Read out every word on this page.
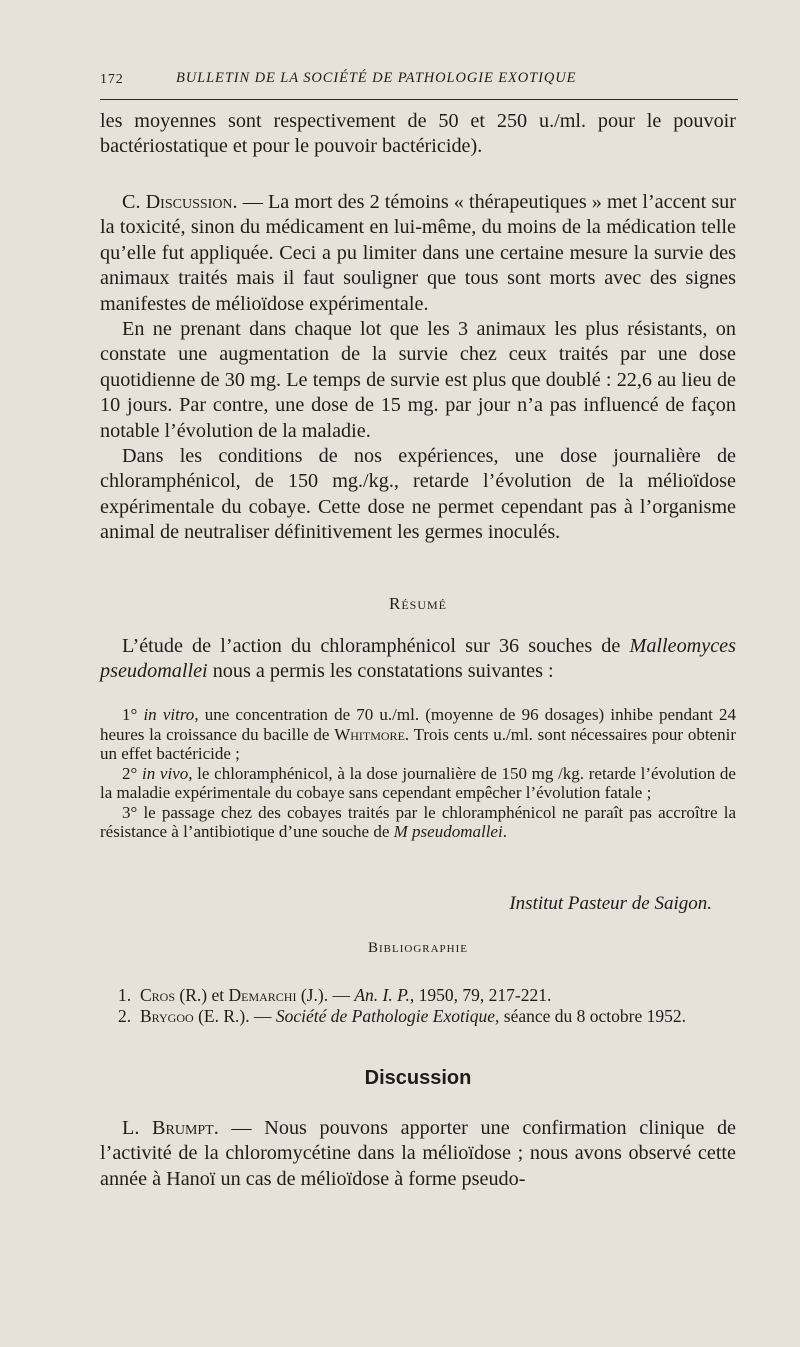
172	BULLETIN DE LA SOCIÉTÉ DE PATHOLOGIE EXOTIQUE

les moyennes sont respectivement de 50 et 250 u./ml. pour le pouvoir bactériostatique et pour le pouvoir bactéricide).

C. Discussion. — La mort des 2 témoins « thérapeutiques » met l’accent sur la toxicité, sinon du médicament en lui-même, du moins de la médication telle qu’elle fut appliquée. Ceci a pu limiter dans une certaine mesure la survie des animaux traités mais il faut souligner que tous sont morts avec des signes manifestes de mélioïdose expérimentale.

En ne prenant dans chaque lot que les 3 animaux les plus résistants, on constate une augmentation de la survie chez ceux traités par une dose quotidienne de 30 mg. Le temps de survie est plus que doublé : 22,6 au lieu de 10 jours. Par contre, une dose de 15 mg. par jour n’a pas influencé de façon notable l’évolution de la maladie.

Dans les conditions de nos expériences, une dose journalière de chloramphénicol, de 150 mg./kg., retarde l’évolution de la mélioïdose expérimentale du cobaye. Cette dose ne permet cependant pas à l’organisme animal de neutraliser définitivement les germes inoculés.

Résumé

L’étude de l’action du chloramphénicol sur 36 souches de Malleomyces pseudomallei nous a permis les constatations suivantes :

1° in vitro, une concentration de 70 u./ml. (moyenne de 96 dosages) inhibe pendant 24 heures la croissance du bacille de Whitmore. Trois cents u./ml. sont nécessaires pour obtenir un effet bactéricide ;

2° in vivo, le chloramphénicol, à la dose journalière de 150 mg /kg. retarde l’évolution de la maladie expérimentale du cobaye sans cependant empêcher l’évolution fatale ;

3° le passage chez des cobayes traités par le chloramphénicol ne paraît pas accroître la résistance à l’antibiotique d’une souche de M pseudomallei.

Institut Pasteur de Saigon.
Bibliographie
1. Cros (R.) et Demarchi (J.). — An. I. P., 1950, 79, 217-221.
2. Brygoo (E. R.). — Société de Pathologie Exotique, séance du 8 octobre 1952.
Discussion

L. Brumpt. — Nous pouvons apporter une confirmation clinique de l’activité de la chloromycétine dans la mélioïdose ; nous avons observé cette année à Hanoï un cas de mélioïdose à forme pseudo-
